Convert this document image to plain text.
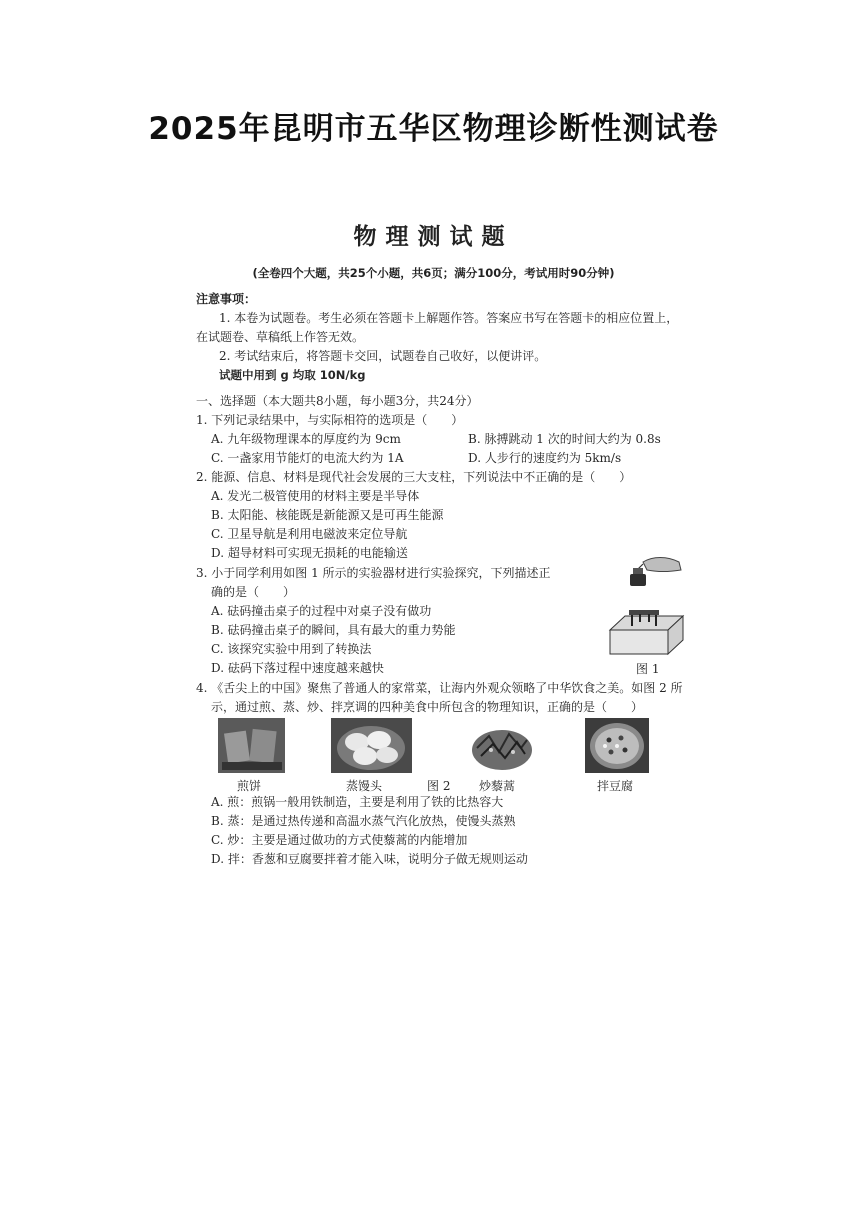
2025年昆明市五华区物理诊断性测试卷
物理测试题
(全卷四个大题，共25个小题，共6页；满分100分，考试用时90分钟)
注意事项：
1. 本卷为试题卷。考生必须在答题卡上解题作答。答案应书写在答题卡的相应位置上，
在试题卷、草稿纸上作答无效。
2. 考试结束后，将答题卡交回，试题卷自己收好，以便讲评。
试题中用到 g 均取 10N/kg
一、选择题（本大题共8小题，每小题3分，共24分）
1. 下列记录结果中，与实际相符的选项是（　　）
A. 九年级物理课本的厚度约为 9cm	B. 脉搏跳动 1 次的时间大约为 0.8s
C. 一盏家用节能灯的电流大约为 1A	D. 人步行的速度约为 5km/s
2. 能源、信息、材料是现代社会发展的三大支柱，下列说法中不正确的是（　　）
A. 发光二极管使用的材料主要是半导体
B. 太阳能、核能既是新能源又是可再生能源
C. 卫星导航是利用电磁波来定位导航
D. 超导材料可实现无损耗的电能输送
3. 小于同学利用如图 1 所示的实验器材进行实验探究，下列描述正
确的是（　　）
A. 砝码撞击桌子的过程中对桌子没有做功
B. 砝码撞击桌子的瞬间，具有最大的重力势能
C. 该探究实验中用到了转换法
D. 砝码下落过程中速度越来越快	图 1
4. 《舌尖上的中国》聚焦了普通人的家常菜，让海内外观众领略了中华饮食之美。如图 2 所
示，通过煎、蒸、炒、拌烹调的四种美食中所包含的物理知识，正确的是（　　）
煎饼	蒸馒头	图 2 炒藜蒿	拌豆腐
A. 煎：煎锅一般用铁制造，主要是利用了铁的比热容大
B. 蒸：是通过热传递和高温水蒸气汽化放热，使馒头蒸熟
C. 炒：主要是通过做功的方式使藜蒿的内能增加
D. 拌：香葱和豆腐要拌着才能入味，说明分子做无规则运动
